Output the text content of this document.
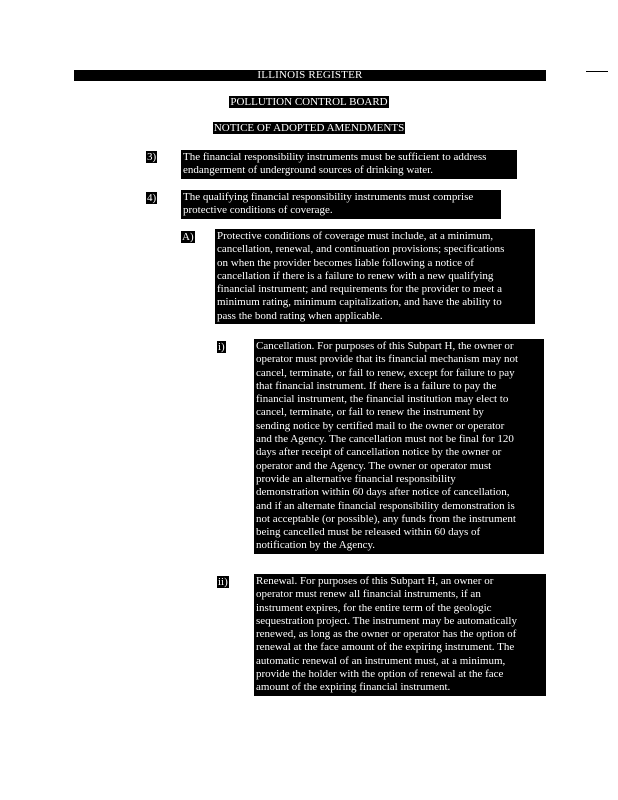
ILLINOIS REGISTER
POLLUTION CONTROL BOARD
NOTICE OF ADOPTED AMENDMENTS
3) The financial responsibility instruments must be sufficient to address
endangerment of underground sources of drinking water.
4) The qualifying financial responsibility instruments must comprise
protective conditions of coverage.
A) Protective conditions of coverage must include, at a minimum,
cancellation, renewal, and continuation provisions; specifications
on when the provider becomes liable following a notice of
cancellation if there is a failure to renew with a new qualifying
financial instrument; and requirements for the provider to meet a
minimum rating, minimum capitalization, and have the ability to
pass the bond rating when applicable.
i)	Cancellation. For purposes of this Subpart H, the owner or
operator must provide that its financial mechanism may not
cancel, terminate, or fail to renew, except for failure to pay
that financial instrument. If there is a failure to pay the
financial instrument, the financial institution may elect to
cancel, terminate, or fail to renew the instrument by
sending notice by certified mail to the owner or operator
and the Agency. The cancellation must not be final for 120
days after receipt of cancellation notice by the owner or
operator and the Agency. The owner or operator must
provide an alternative financial responsibility
demonstration within 60 days after notice of cancellation,
and if an alternate financial responsibility demonstration is
not acceptable (or possible), any funds from the instrument
being cancelled must be released within 60 days of
notification by the Agency.
ii)	Renewal. For purposes of this Subpart H, an owner or
operator must renew all financial instruments, if an
instrument expires, for the entire term of the geologic
sequestration project. The instrument may be automatically
renewed, as long as the owner or operator has the option of
renewal at the face amount of the expiring instrument. The
automatic renewal of an instrument must, at a minimum,
provide the holder with the option of renewal at the face
amount of the expiring financial instrument.
